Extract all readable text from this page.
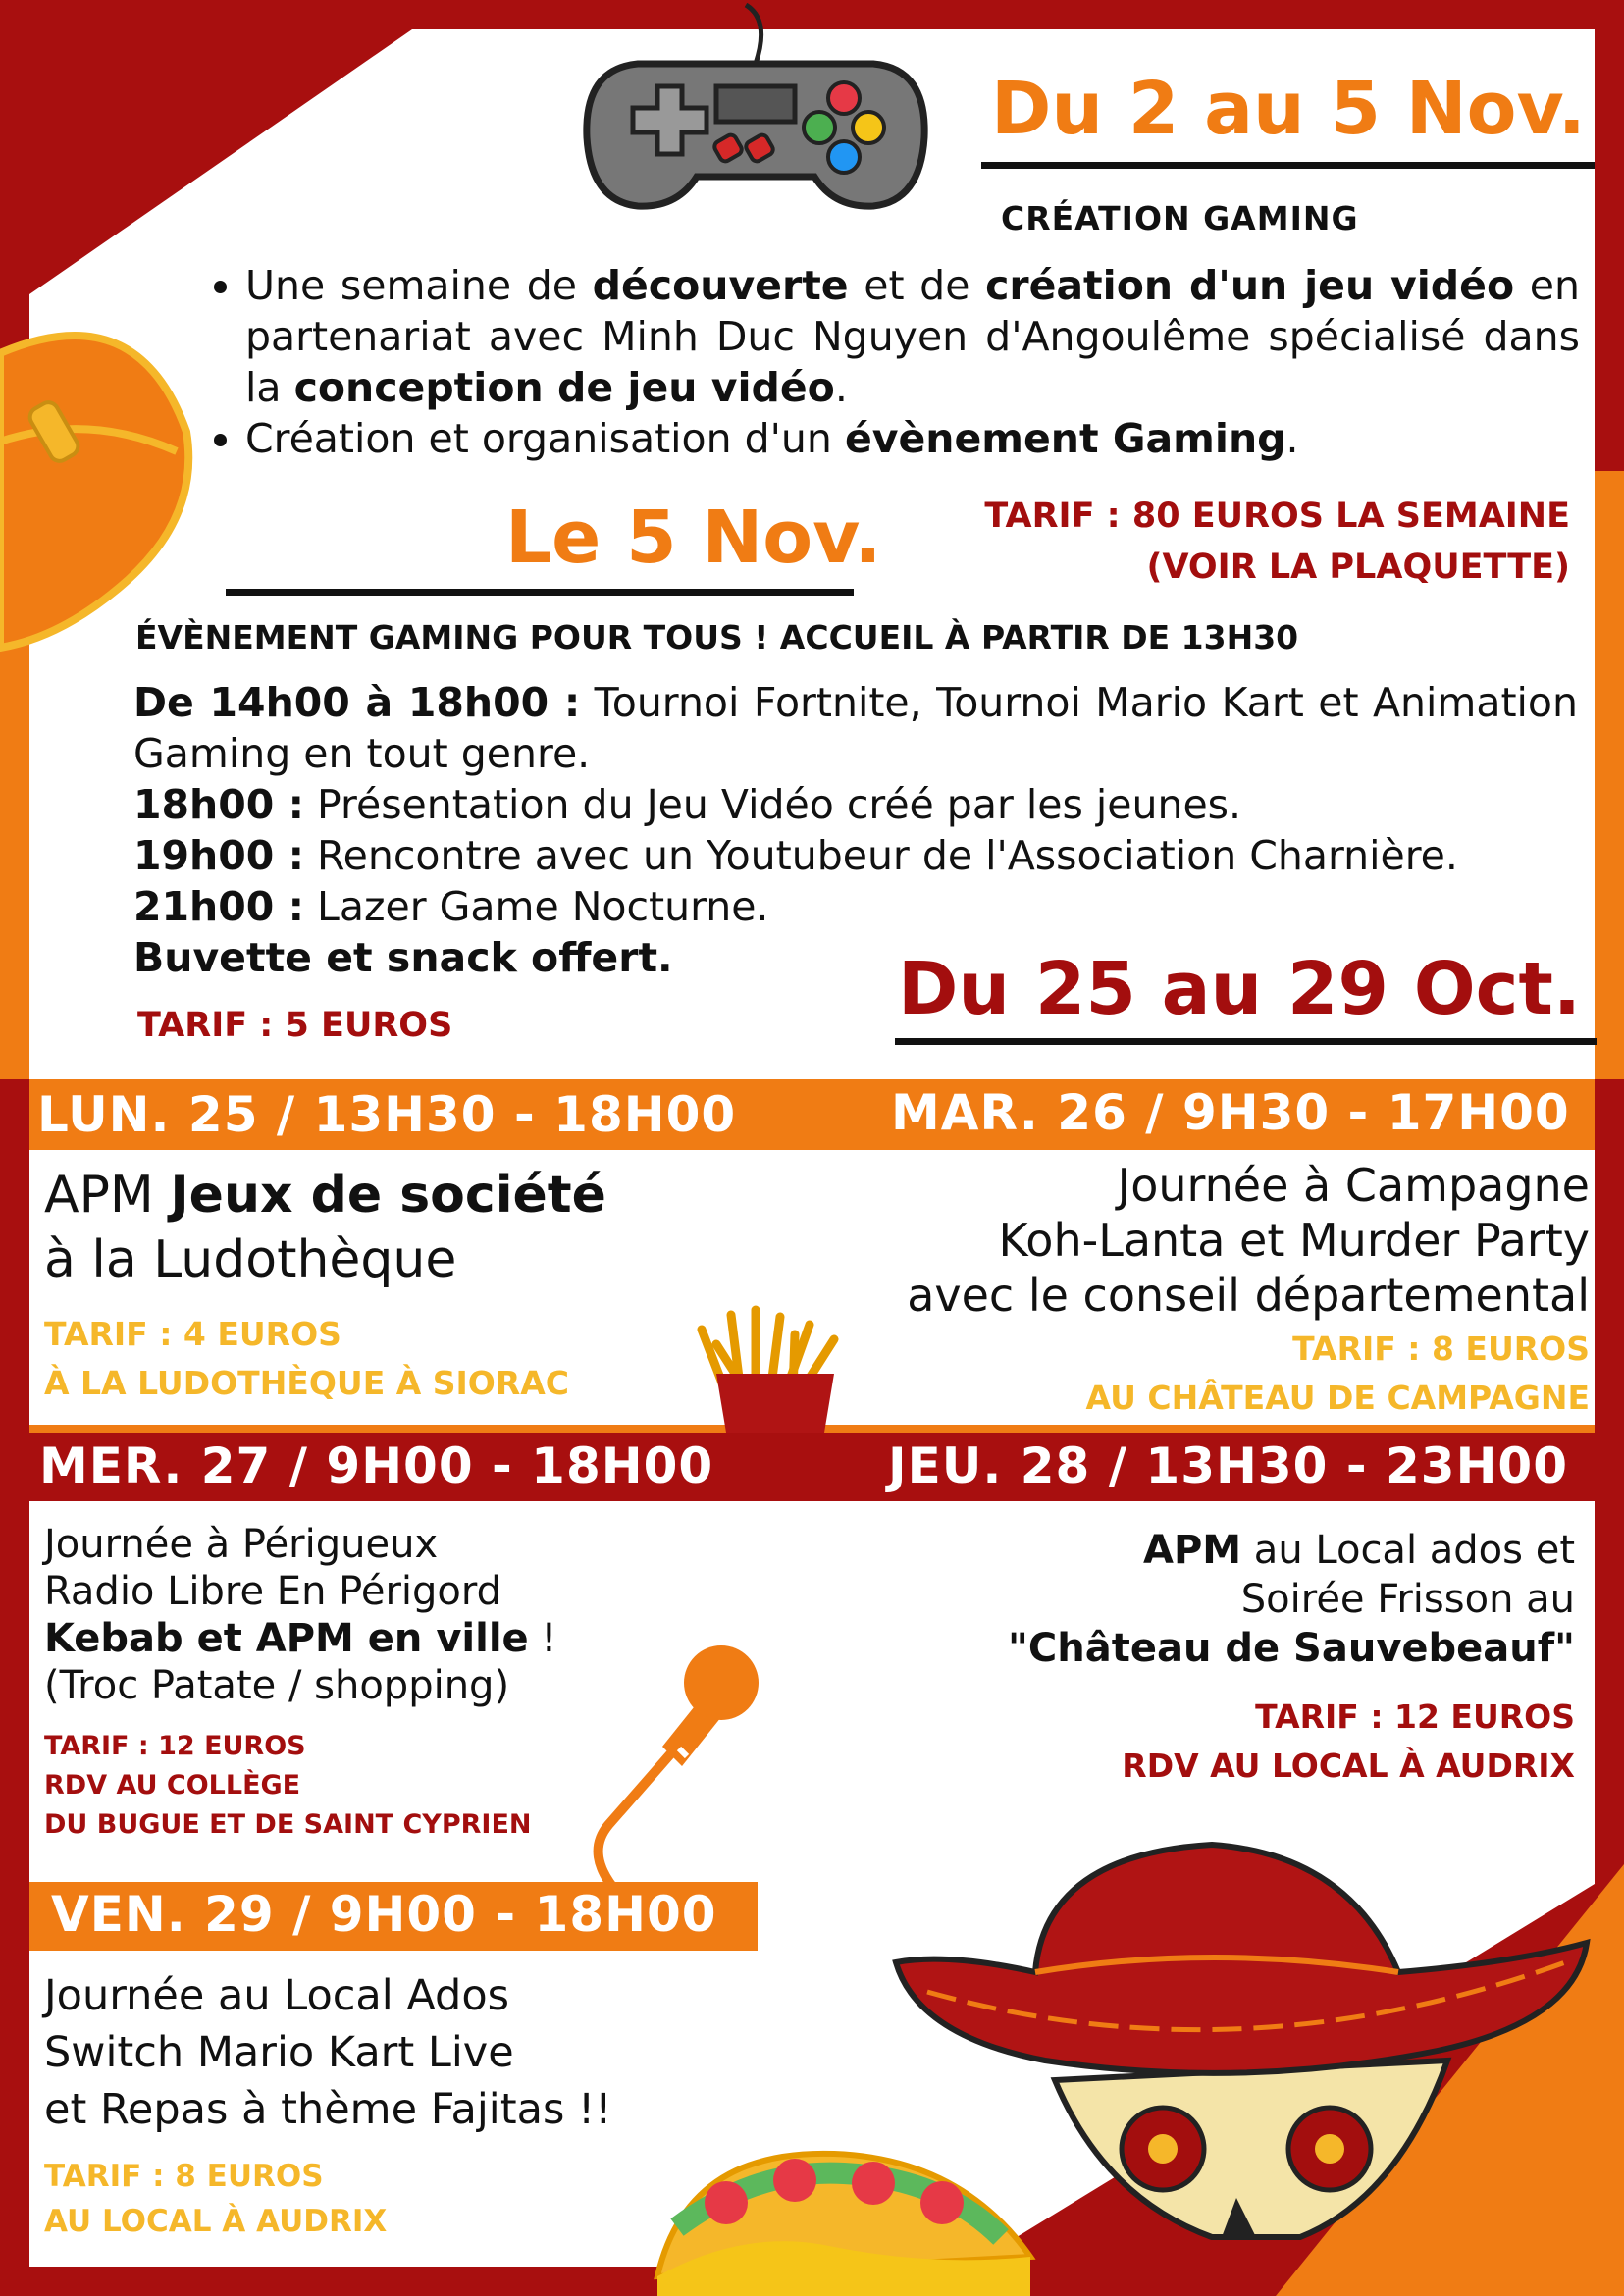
Du 2 au 5 Nov.
CRÉATION GAMING
• Une semaine de découverte et de création d'un jeu vidéo en partenariat avec Minh Duc Nguyen d'Angoulême spécialisé dans la conception de jeu vidéo.
• Création et organisation d'un évènement Gaming.
TARIF : 80 EUROS LA SEMAINE
(VOIR LA PLAQUETTE)
Le 5 Nov.
ÉVÈNEMENT GAMING POUR TOUS ! ACCUEIL À PARTIR DE 13H30
De 14h00 à 18h00 : Tournoi Fortnite, Tournoi Mario Kart et Animation Gaming en tout genre.
18h00 : Présentation du Jeu Vidéo créé par les jeunes.
19h00 : Rencontre avec un Youtubeur de l'Association Charnière.
21h00 : Lazer Game Nocturne.
Buvette et snack offert.
TARIF : 5 EUROS	Du 25 au 29 Oct.
LUN. 25 / 13H30 - 18H00	MAR. 26 / 9H30 - 17H00
APM Jeux de société
à la Ludothèque
TARIF : 4 EUROS
À LA LUDOTHÈQUE À SIORAC
Journée à Campagne
Koh-Lanta et Murder Party
avec le conseil départemental
TARIF : 8 EUROS
AU CHÂTEAU DE CAMPAGNE
MER. 27 / 9H00 - 18H00	JEU. 28 / 13H30 - 23H00
Journée à Périgueux
Radio Libre En Périgord
Kebab et APM en ville !
(Troc Patate / shopping)
TARIF : 12 EUROS
RDV AU COLLÈGE
DU BUGUE ET DE SAINT CYPRIEN
APM au Local ados et
Soirée Frisson au
"Château de Sauvebeauf"
TARIF : 12 EUROS
RDV AU LOCAL À AUDRIX
VEN. 29 / 9H00 - 18H00
Journée au Local Ados
Switch Mario Kart Live
et Repas à thème Fajitas !!
TARIF : 8 EUROS
AU LOCAL À AUDRIX
